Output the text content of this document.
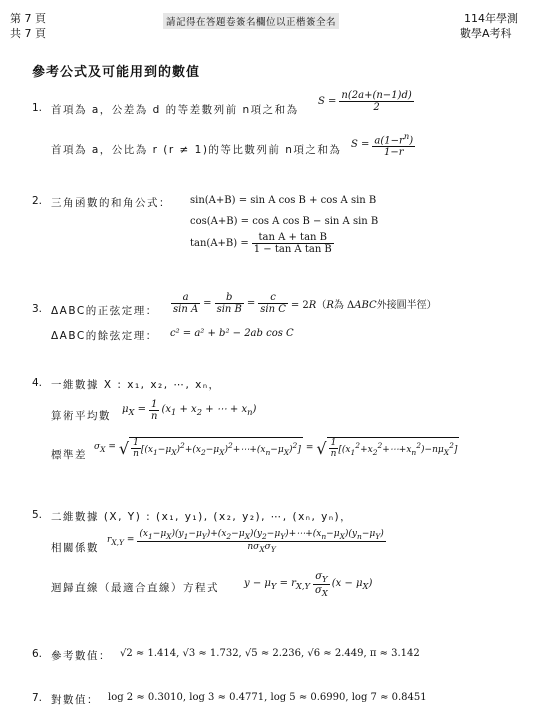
第 7 頁
共 7 頁
請記得在答題卷簽名欄位以正楷簽全名	114年學測
數學A考科
參考公式及可能用到的數值
1. 首項為 a，公差為 d 的等差數列前 n項之和為
$S = \frac{n(2a+(n-1)d)}{2}$
首項為 a，公比為 r (r ≠ 1)的等比數列前 n項之和為 $S = \frac{a(1-r^n)}{1-r}$
2. 三角函數的和角公式： sin(A+B) = sin A cos B + cos A sin B
cos(A+B) = cos A cos B − sin A sin B
$\tan(A+B) = \frac{\text{tan A + tan B}}{\text{1 − tan A tan B}}$
3. ΔABC的正弦定理： $\frac{a}{\text{sin A}} = \frac{b}{\text{sin B}} = \frac{c}{\text{sin C}} = 2R(R$為 ΔABC外接圓半徑）
ΔABC的餘弦定理： c² = a² + b² − 2ab cos C
4. 一維數據 X : x₁, x₂, ⋯, xₙ，
算術平均數
$\mu_X = \frac{1}{n} (x_1 + x_2$ + ⋯ + $x_n$)
標準差
$\sigma_X$ = √ $\frac{1}{n}$ $[(x_1-\mu_X)^2+(x_2-\mu_X)^2+\cdots+(x_n-\mu_X)^2]$ = √ $\frac{1}{n}$ $[(x_1^2+x_2^2+\cdots+x_n^2)-n\mu_X^2]$
5. 二維數據 (X, Y) : (x₁, y₁), (x₂, y₂), ⋯, (xₙ, yₙ)，
相關係數
$r_{X,Y} = \frac{(x_1-\mu_X)(y_1-\mu_Y)+(x_2-\mu_X)(y_2-\mu_Y)+\cdots+(x_n-\mu_X)(y_n-\mu_Y)}{n\sigma_X\sigma_Y}$
迴歸直線（最適合直線）方程式	$y - \mu_Y = r_{X,Y} \frac{\sigma_Y}{\sigma_X} (x - \mu_X)$
6. 參考數值： √2 ≈ 1.414, √3 ≈ 1.732, √5 ≈ 2.236, √6 ≈ 2.449, π ≈ 3.142
7. 對數值： log 2 ≈ 0.3010, log 3 ≈ 0.4771, log 5 ≈ 0.6990, log 7 ≈ 0.8451
